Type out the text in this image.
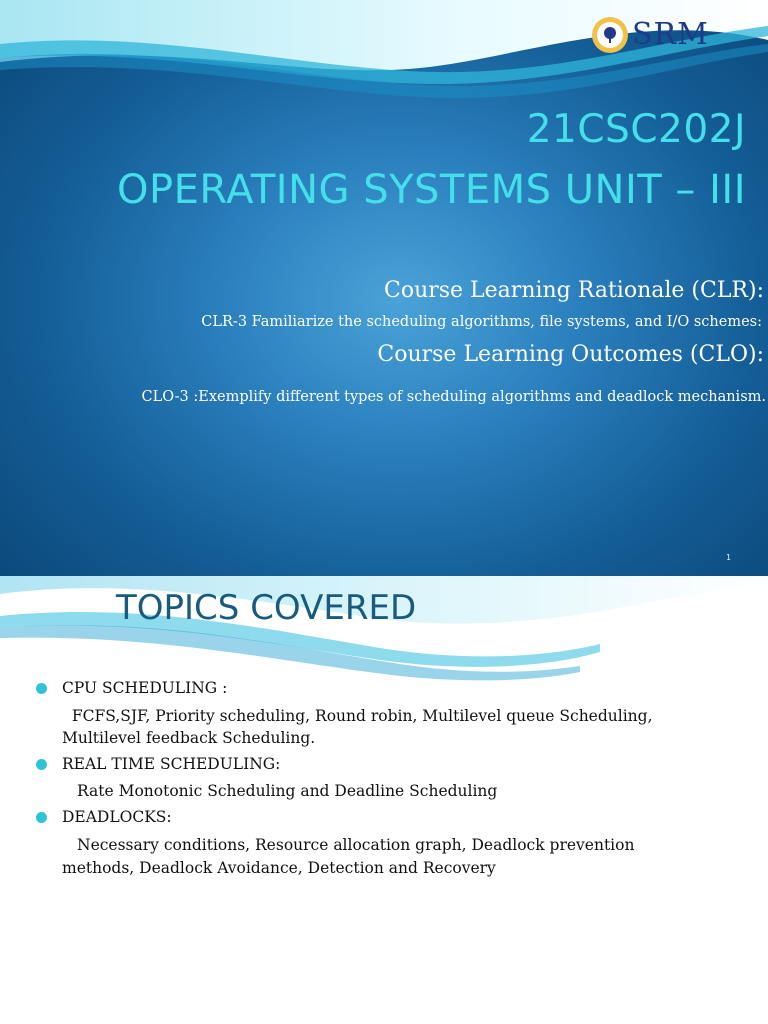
SRM
21CSC202J
OPERATING SYSTEMS UNIT – III
Course Learning Rationale (CLR):
CLR-3 Familiarize the scheduling algorithms, file systems, and I/O schemes:
Course Learning Outcomes (CLO):
CLO-3 :Exemplify different types of scheduling algorithms and deadlock mechanism.
1
TOPICS COVERED
CPU SCHEDULING :
FCFS,SJF, Priority scheduling, Round robin, Multilevel queue Scheduling,
Multilevel feedback Scheduling.
REAL TIME SCHEDULING:
Rate Monotonic Scheduling and Deadline Scheduling
DEADLOCKS:
Necessary conditions, Resource allocation graph, Deadlock prevention
methods, Deadlock Avoidance, Detection and Recovery
